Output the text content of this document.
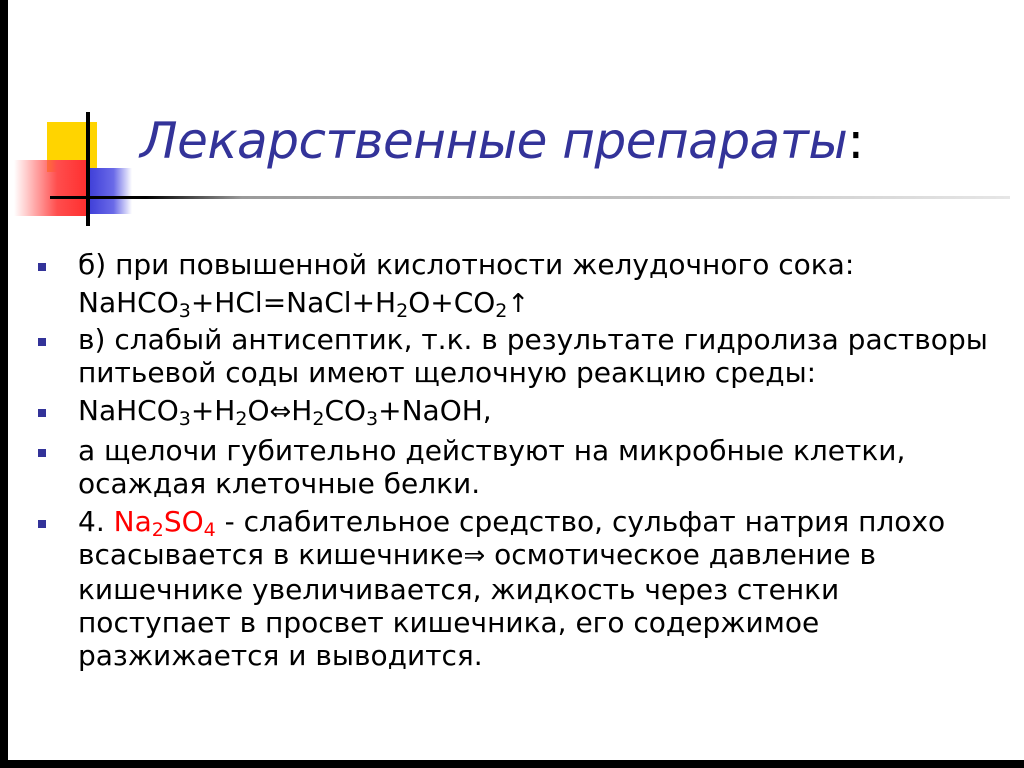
Лекарственные препараты:
б) при повышенной кислотности желудочного сока:
$NaHCO_3+HCl=NaCl+H_2O+CO_2↑$
в) слабый антисептик, т.к. в результате гидролиза растворы питьевой соды имеют щелочную реакцию среды:
$NaHCO_3+H_2O\Leftrightarrow H_2CO_3+NaOH$,
а щелочи губительно действуют на микробные клетки, осаждая клеточные белки.
4. $Na_2SO_4$ - слабительное средство, сульфат натрия плохо всасывается в кишечнике⇒ осмотическое давление в кишечнике увеличивается, жидкость через стенки поступает в просвет кишечника, его содержимое разжижается и выводится.
